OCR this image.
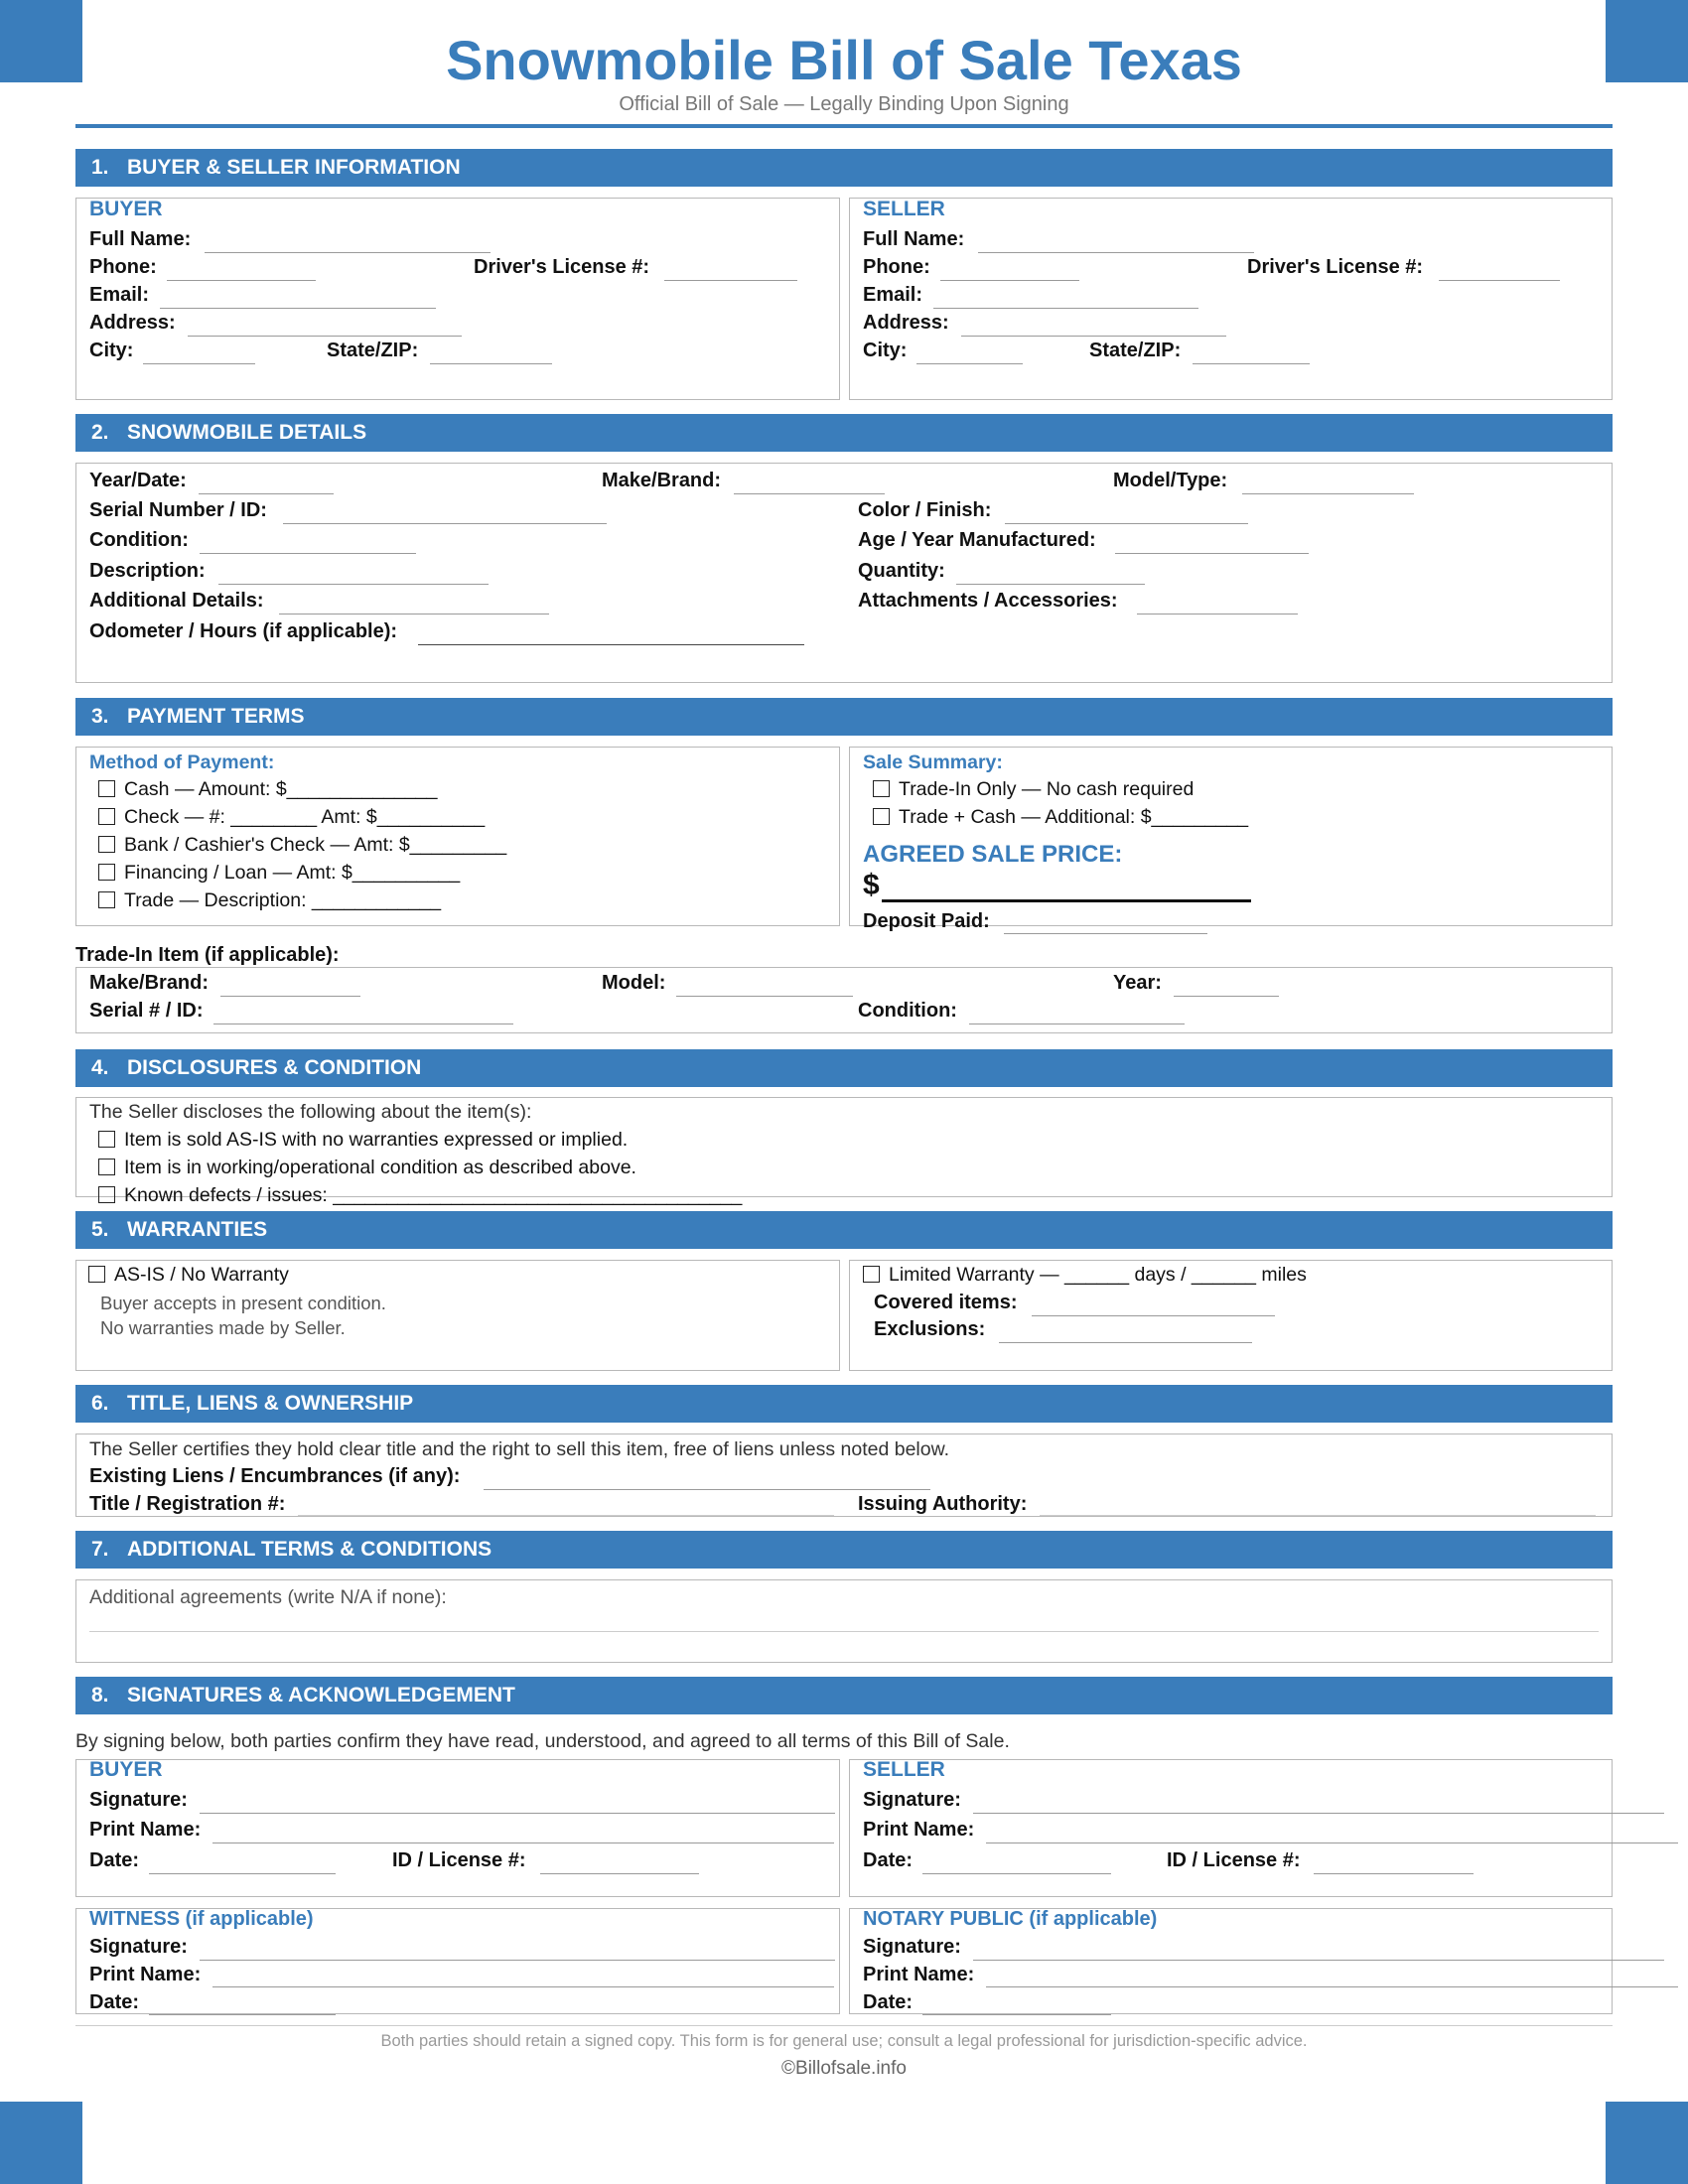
Snowmobile Bill of Sale Texas
Official Bill of Sale — Legally Binding Upon Signing
1. BUYER & SELLER INFORMATION
BUYER
Full Name:
Phone:	Driver's License #:
Email:
Address:
City:	State/ZIP:
SELLER
Full Name:
Phone:	Driver's License #:
Email:
Address:
City:	State/ZIP:
2. SNOWMOBILE DETAILS
Year/Date:	Make/Brand:	Model/Type:
Serial Number / ID:	Color / Finish:
Condition:	Age / Year Manufactured:
Description:	Quantity:
Additional Details:	Attachments / Accessories:
Odometer / Hours (if applicable):
3. PAYMENT TERMS
Method of Payment:
Cash — Amount: $______________
Check — #: ________ Amt: $__________
Bank / Cashier's Check — Amt: $_________
Financing / Loan — Amt: $__________
Trade — Description: ____________
Sale Summary:
Trade-In Only — No cash required
Trade + Cash — Additional: $_________
AGREED SALE PRICE:
$
Deposit Paid:
Trade-In Item (if applicable):
Make/Brand:	Model:	Year:
Serial # / ID:	Condition:
4. DISCLOSURES & CONDITION
The Seller discloses the following about the item(s):
Item is sold AS-IS with no warranties expressed or implied.
Item is in working/operational condition as described above.
Known defects / issues: ______________________________________
5. WARRANTIES
AS-IS / No Warranty
Buyer accepts in present condition.
No warranties made by Seller.
Limited Warranty — ______ days / ______ miles
Covered items:
Exclusions:
6. TITLE, LIENS & OWNERSHIP
The Seller certifies they hold clear title and the right to sell this item, free of liens unless noted below.
Existing Liens / Encumbrances (if any):
Title / Registration #:	Issuing Authority:
7. ADDITIONAL TERMS & CONDITIONS
Additional agreements (write N/A if none):
8. SIGNATURES & ACKNOWLEDGEMENT
By signing below, both parties confirm they have read, understood, and agreed to all terms of this Bill of Sale.
BUYER
Signature:
Print Name:
Date:	ID / License #:
SELLER
Signature:
Print Name:
Date:	ID / License #:
WITNESS (if applicable)
Signature:
Print Name:
Date:
NOTARY PUBLIC (if applicable)
Signature:
Print Name:
Date:
Both parties should retain a signed copy. This form is for general use; consult a legal professional for jurisdiction-specific advice.
©Billofsale.info
